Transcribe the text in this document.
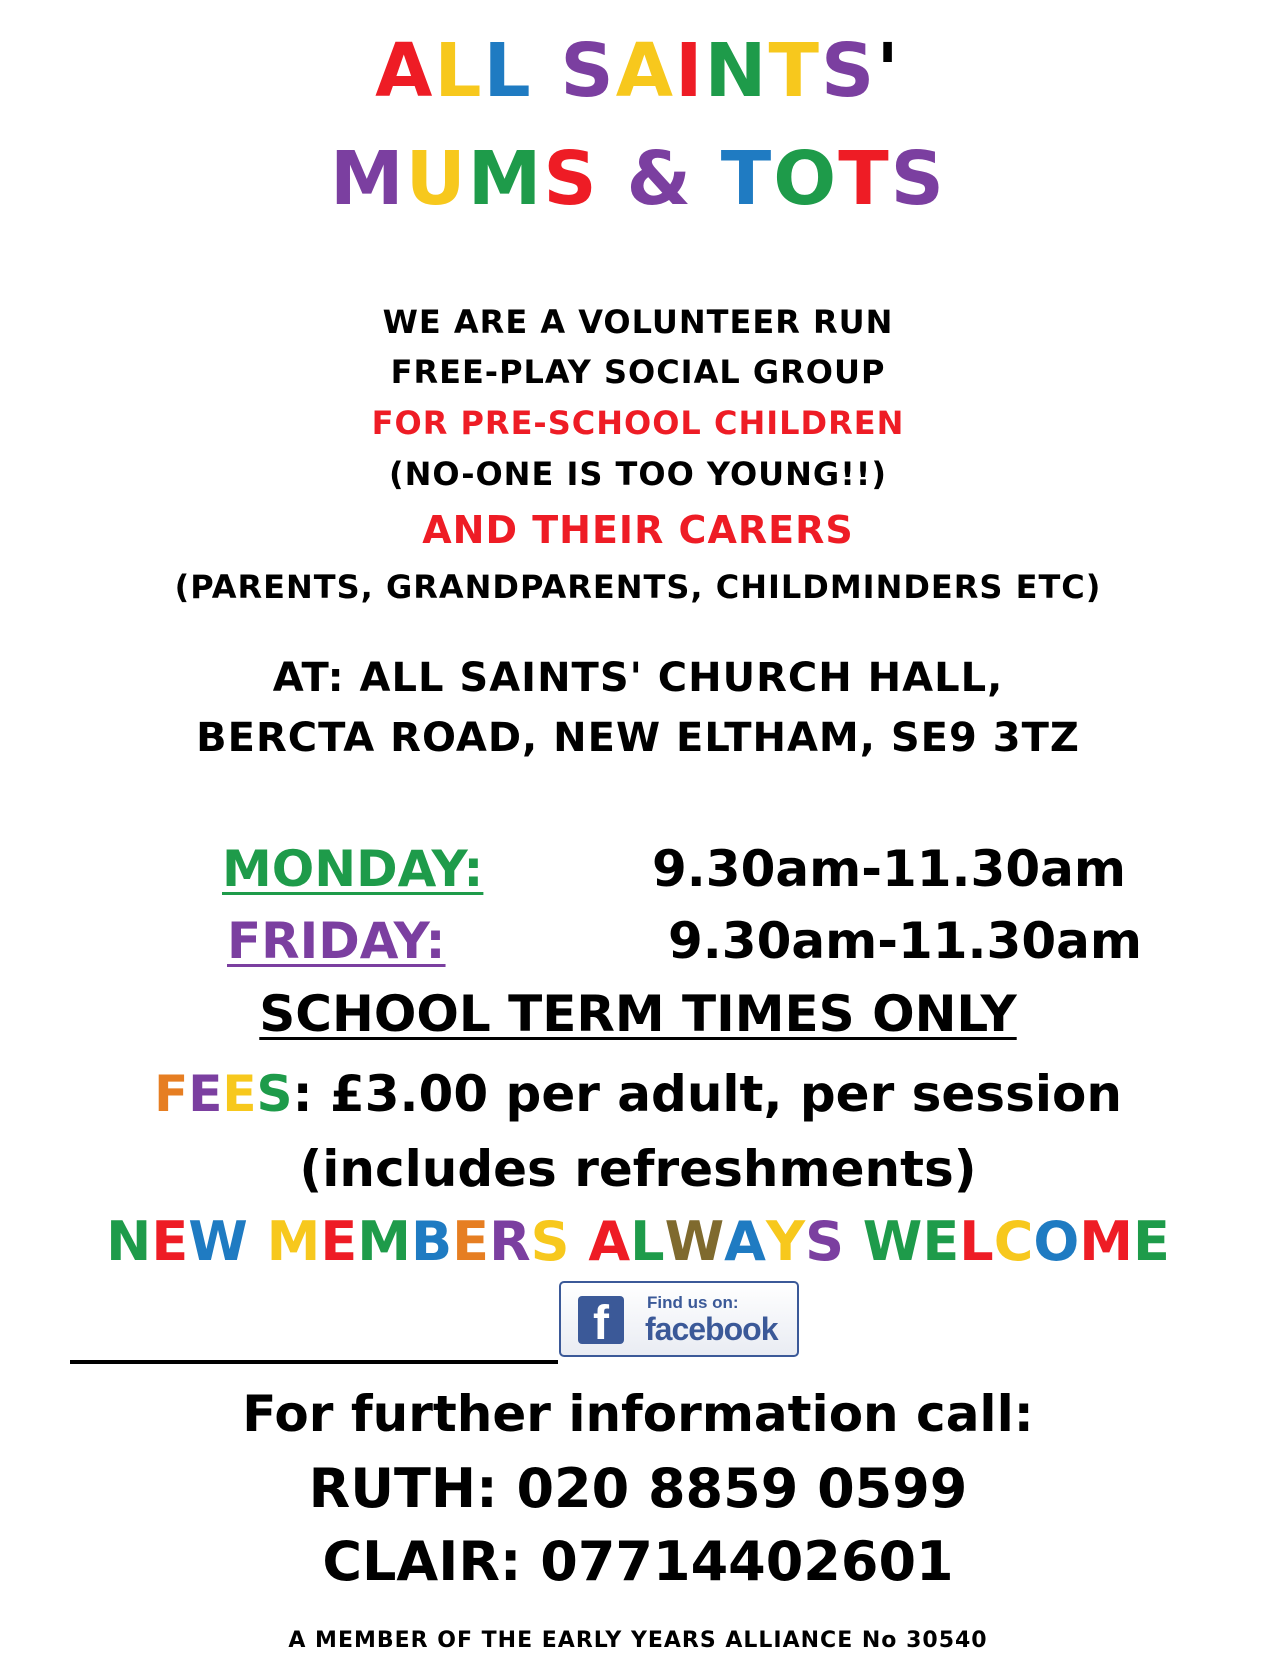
ALL SAINTS'
MUMS & TOTS
WE ARE A VOLUNTEER RUN
FREE-PLAY SOCIAL GROUP
FOR PRE-SCHOOL CHILDREN
(NO-ONE IS TOO YOUNG!!)
AND THEIR CARERS
(PARENTS, GRANDPARENTS, CHILDMINDERS ETC)
AT: ALL SAINTS' CHURCH HALL,
BERCTA ROAD, NEW ELTHAM, SE9 3TZ
MONDAY:	9.30am-11.30am
FRIDAY:	9.30am-11.30am
SCHOOL TERM TIMES ONLY
FEES: £3.00 per adult, per session
(includes refreshments)
NEW MEMBERS ALWAYS WELCOME
f Find us on:
facebook
For further information call:
RUTH: 020 8859 0599
CLAIR: 07714402601
A MEMBER OF THE EARLY YEARS ALLIANCE No 30540
